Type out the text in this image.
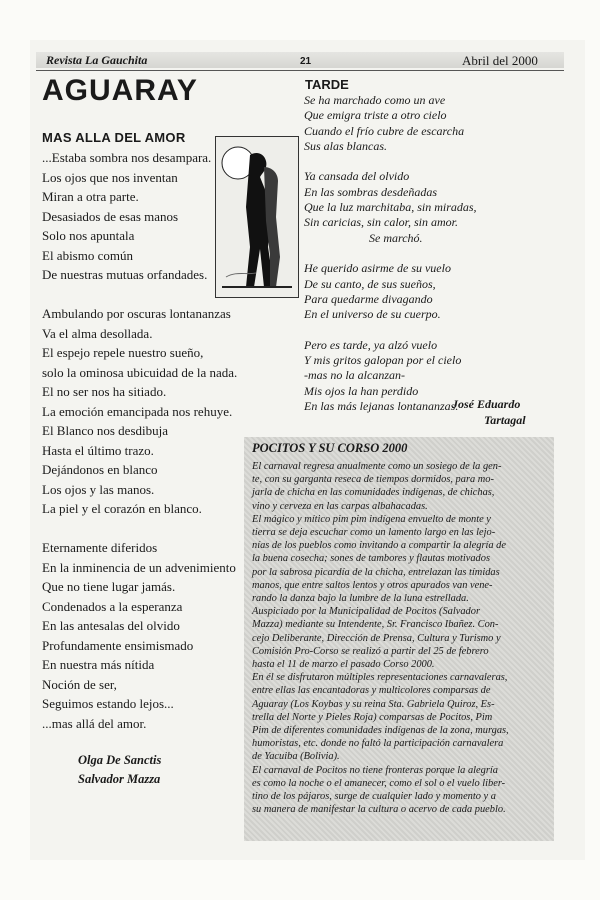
Revista La Gauchita	21	Abril del 2000
AGUARAY
MAS ALLA DEL AMOR
...Estaba sombra nos desampara.
Los ojos que nos inventan
Miran a otra parte.
Desasiados de esas manos
Solo nos apuntala
El abismo común
De nuestras mutuas orfandades.

Ambulando por oscuras lontananzas
Va el alma desollada.
El espejo repele nuestro sueño,
solo la ominosa ubicuidad de la nada.
El no ser nos ha sitiado.
La emoción emancipada nos rehuye.
El Blanco nos desdibuja
Hasta el último trazo.
Dejándonos en blanco
Los ojos y las manos.
La piel y el corazón en blanco.

Eternamente diferidos
En la inminencia de un advenimiento
Que no tiene lugar jamás.
Condenados a la esperanza
En las antesalas del olvido
Profundamente ensimismado
En nuestra más nítida
Noción de ser,
Seguimos estando lejos...
...mas allá del amor.
Olga De Sanctis
Salvador Mazza
TARDE
Se ha marchado como un ave
Que emigra triste a otro cielo
Cuando el frío cubre de escarcha
Sus alas blancas.

Ya cansada del olvido
En las sombras desdeñadas
Que la luz marchitaba, sin miradas,
Sin caricias, sin calor, sin amor.
Se marchó.

He querido asirme de su vuelo
De su canto, de sus sueños,
Para quedarme divagando
En el universo de su cuerpo.

Pero es tarde, ya alzó vuelo
Y mis gritos galopan por el cielo
-mas no la alcanzan-
Mis ojos la han perdido
En las más lejanas lontananzas.
José Eduardo
Tartagal
POCITOS Y SU CORSO 2000
El carnaval regresa anualmente como un sosiego de la gen-
te, con su garganta reseca de tiempos dormidos, para mo-
jarla de chicha en las comunidades indígenas, de chichas,
vino y cerveza en las carpas albahacadas.
El mágico y mítico pim pim indígena envuelto de monte y
tierra se deja escuchar como un lamento largo en las lejo-
nías de los pueblos como invitando a compartir la alegría de
la buena cosecha; sones de tambores y flautas motivados
por la sabrosa picardía de la chicha, entrelazan las tímidas
manos, que entre saltos lentos y otros apurados van vene-
rando la danza bajo la lumbre de la luna estrellada.
Auspiciado por la Municipalidad de Pocitos (Salvador
Mazza) mediante su Intendente, Sr. Francisco Ibañez. Con-
cejo Deliberante, Dirección de Prensa, Cultura y Turismo y
Comisión Pro-Corso se realizó a partir del 25 de febrero
hasta el 11 de marzo el pasado Corso 2000.
En él se disfrutaron múltiples representaciones carnavaleras,
entre ellas las encantadoras y multicolores comparsas de
Aguaray (Los Koybas y su reina Sta. Gabriela Quiroz, Es-
trella del Norte y Pieles Roja) comparsas de Pocitos, Pim
Pim de diferentes comunidades indígenas de la zona, murgas,
humoristas, etc. donde no faltó la participación carnavalera
de Yacuiba (Bolivia).
El carnaval de Pocitos no tiene fronteras porque la alegría
es como la noche o el amanecer, como el sol o el vuelo liber-
tino de los pájaros, surge de cualquier lado y momento y a
su manera de manifestar la cultura o acervo de cada pueblo.
